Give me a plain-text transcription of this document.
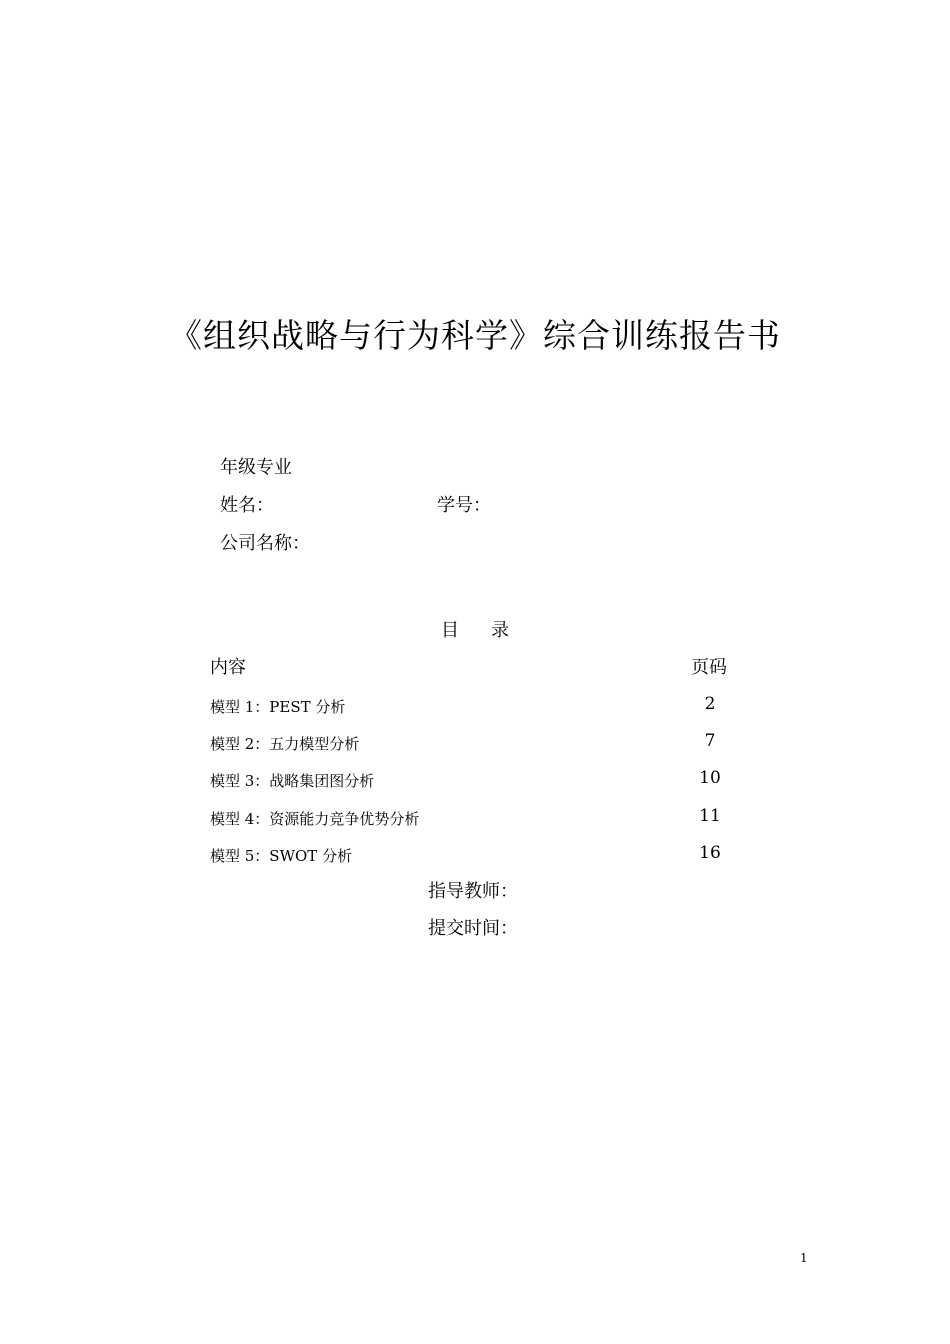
《组织战略与行为科学》综合训练报告书
年级专业
姓名：	学号：
公司名称：
目 录
内容	页码
模型 1：PEST 分析	2
模型 2：五力模型分析	7
模型 3：战略集团图分析	10
模型 4：资源能力竞争优势分析	11
模型 5：SWOT 分析	16
指导教师：
提交时间：
1
